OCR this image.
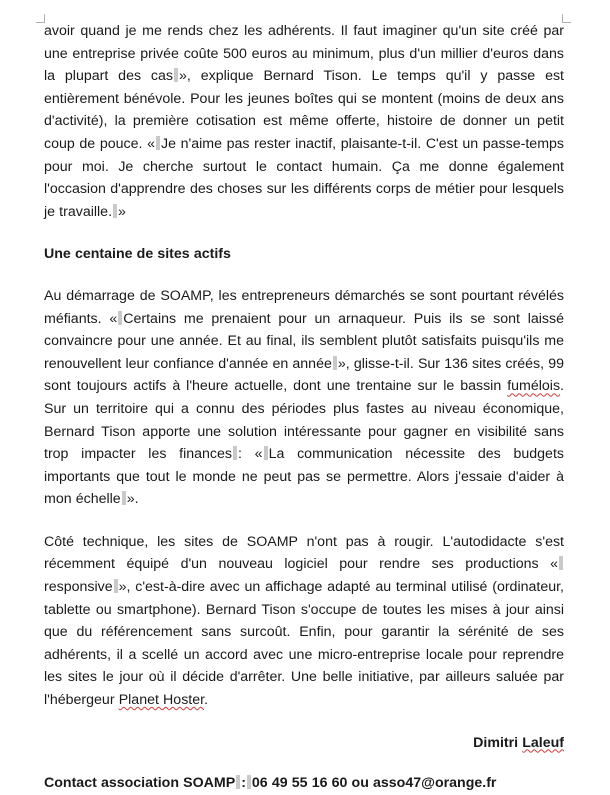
avoir quand je me rends chez les adhérents. Il faut imaginer qu'un site créé par une entreprise privée coûte 500 euros au minimum, plus d'un millier d'euros dans la plupart des cas », explique Bernard Tison. Le temps qu'il y passe est entièrement bénévole. Pour les jeunes boîtes qui se montent (moins de deux ans d'activité), la première cotisation est même offerte, histoire de donner un petit coup de pouce. « Je n'aime pas rester inactif, plaisante-t-il. C'est un passe-temps pour moi. Je cherche surtout le contact humain. Ça me donne également l'occasion d'apprendre des choses sur les différents corps de métier pour lesquels je travaille. »

Une centaine de sites actifs

Au démarrage de SOAMP, les entrepreneurs démarchés se sont pourtant révélés méfiants. « Certains me prenaient pour un arnaqueur. Puis ils se sont laissé convaincre pour une année. Et au final, ils semblent plutôt satisfaits puisqu'ils me renouvellent leur confiance d'année en année », glisse-t-il. Sur 136 sites créés, 99 sont toujours actifs à l'heure actuelle, dont une trentaine sur le bassin fumélois. Sur un territoire qui a connu des périodes plus fastes au niveau économique, Bernard Tison apporte une solution intéressante pour gagner en visibilité sans trop impacter les finances : « La communication nécessite des budgets importants que tout le monde ne peut pas se permettre. Alors j'essaie d'aider à mon échelle ».

Côté technique, les sites de SOAMP n'ont pas à rougir. L'autodidacte s'est récemment équipé d'un nouveau logiciel pour rendre ses productions «responsive », c'est-à-dire avec un affichage adapté au terminal utilisé (ordinateur, tablette ou smartphone). Bernard Tison s'occupe de toutes les mises à jour ainsi que du référencement sans surcoût. Enfin, pour garantir la sérénité de ses adhérents, il a scellé un accord avec une micro-entreprise locale pour reprendre les sites le jour où il décide d'arrêter. Une belle initiative, par ailleurs saluée par l'hébergeur Planet Hoster.

Dimitri Laleuf

Contact association SOAMP : 06 49 55 16 60 ou asso47@orange.fr
